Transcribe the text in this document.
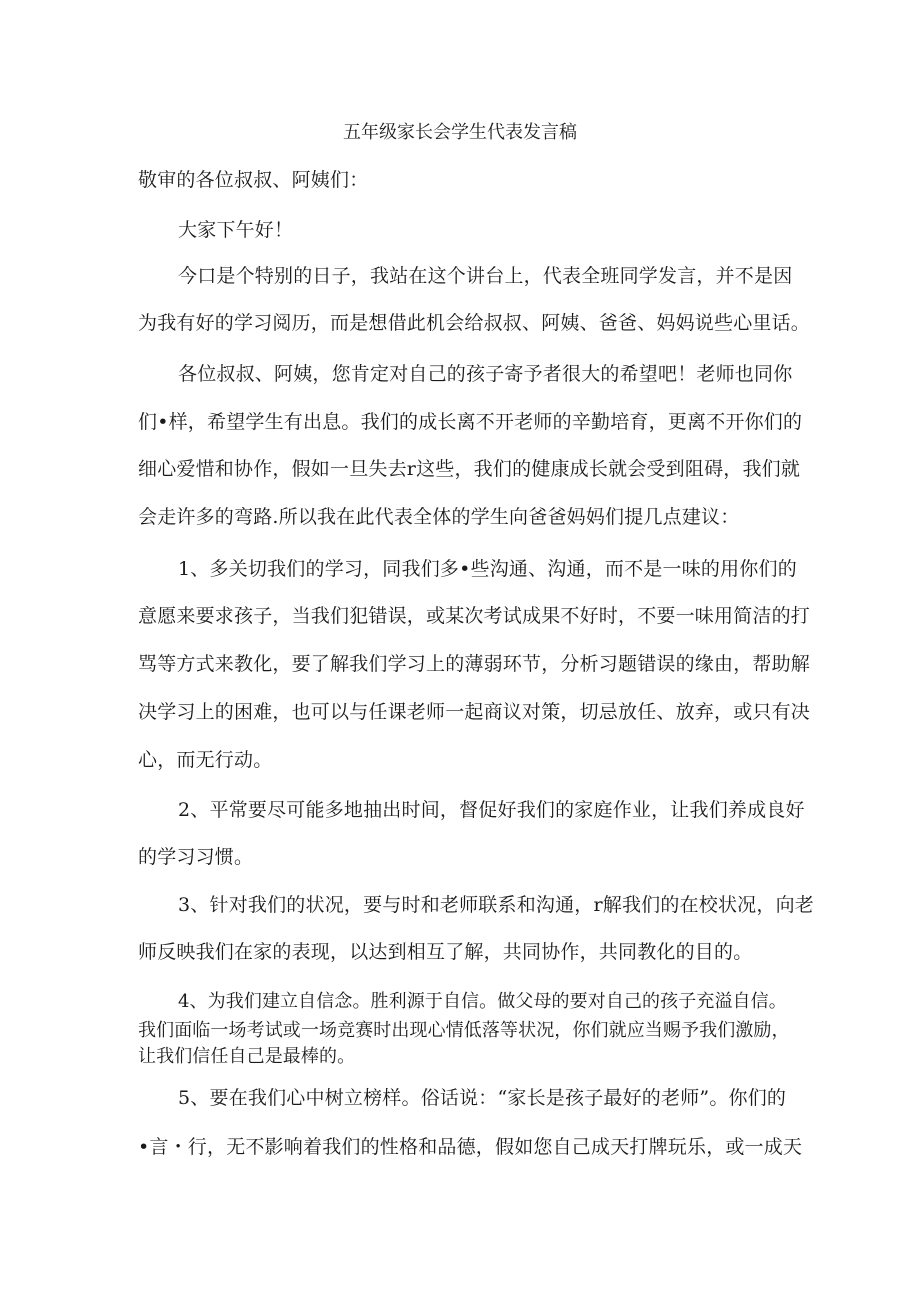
五年级家长会学生代表发言稿
敬审的各位叔叔、阿姨们：
大家下午好！
今口是个特别的日子，我站在这个讲台上，代表全班同学发言，并不是因
为我有好的学习阅历，而是想借此机会给叔叔、阿姨、爸爸、妈妈说些心里话。
各位叔叔、阿姨，您肯定对自己的孩子寄予者很大的希望吧！老师也同你
们•样，希望学生有出息。我们的成长离不开老师的辛勤培育，更离不开你们的
细心爱惜和协作，假如一旦失去r这些，我们的健康成长就会受到阻碍，我们就
会走许多的弯路.所以我在此代表全体的学生向爸爸妈妈们提几点建议：
1、多关切我们的学习，同我们多•些沟通、沟通，而不是一味的用你们的
意愿来要求孩子，当我们犯错误，或某次考试成果不好时，不要一味用简洁的打
骂等方式来教化，要了解我们学习上的薄弱环节，分析习题错误的缘由，帮助解
决学习上的困难，也可以与任课老师一起商议对策，切忌放任、放弃，或只有决
心，而无行动。
2、平常要尽可能多地抽出时间，督促好我们的家庭作业，让我们养成良好
的学习习惯。
3、针对我们的状况，要与时和老师联系和沟通，r解我们的在校状况，向老
师反映我们在家的表现，以达到相互了解，共同协作，共同教化的目的。
4、为我们建立自信念。胜利源于自信。做父母的要对自己的孩子充溢自信。
我们面临一场考试或一场竞赛时出现心情低落等状况，你们就应当赐予我们激励，
让我们信任自己是最棒的。
5、要在我们心中树立榜样。俗话说：“家长是孩子最好的老师”。你们的
•言・行，无不影响着我们的性格和品德，假如您自己成天打牌玩乐，或一成天
